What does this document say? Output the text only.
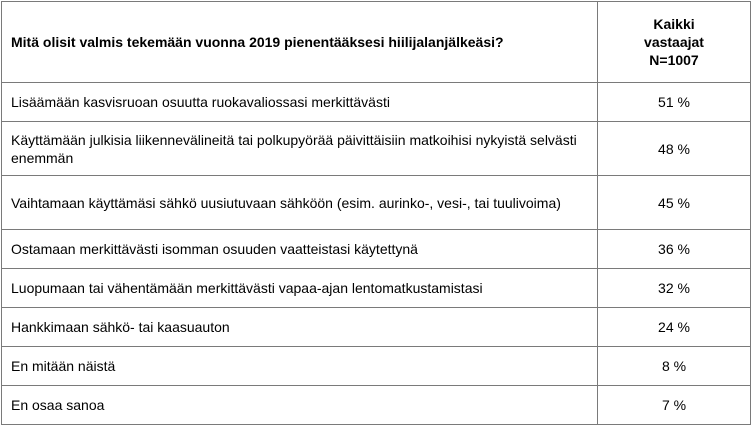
Mitä olisit valmis tekemään vuonna 2019 pienentääksesi hiilijalanjälkeäsi?	Kaikki
vastaajat
N=1007
Lisäämään kasvisruoan osuutta ruokavaliossasi merkittävästi	51 %
Käyttämään julkisia liikennevälineitä tai polkupyörää päivittäisiin matkoihisi nykyistä selvästi enemmän	48 %
Vaihtamaan käyttämäsi sähkö uusiutuvaan sähköön (esim. aurinko-, vesi-, tai tuulivoima)	45 %
Ostamaan merkittävästi isomman osuuden vaatteistasi käytettynä	36 %
Luopumaan tai vähentämään merkittävästi vapaa-ajan lentomatkustamistasi	32 %
Hankkimaan sähkö- tai kaasuauton	24 %
En mitään näistä	8 %
En osaa sanoa	7 %
